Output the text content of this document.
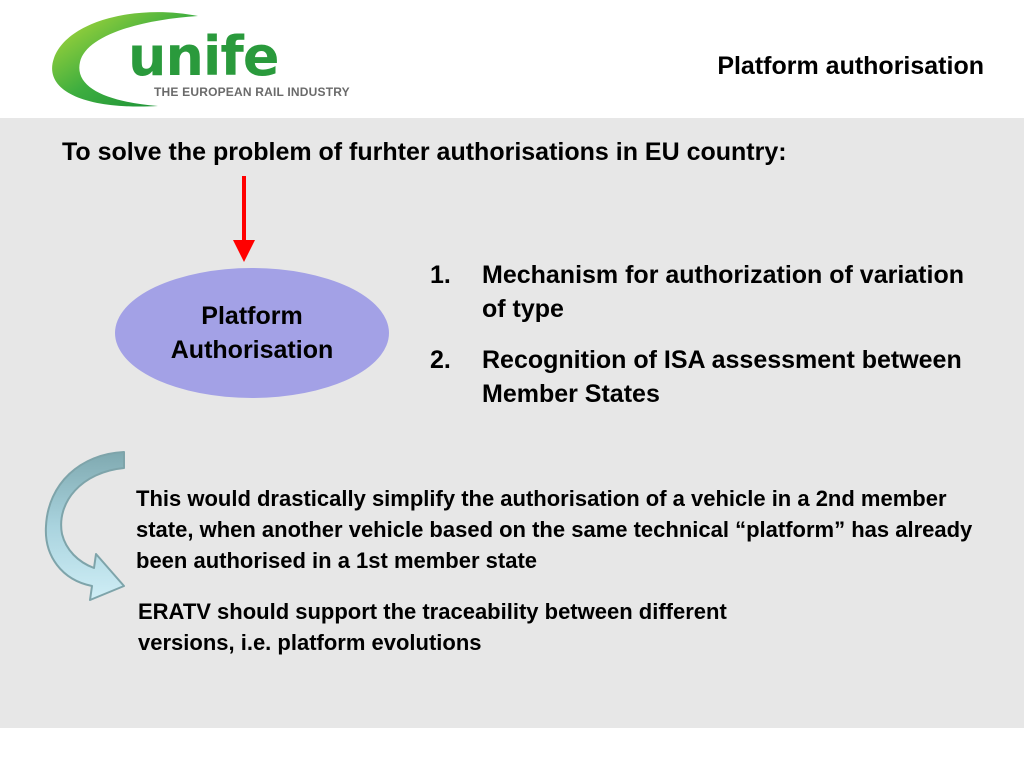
unife
THE EUROPEAN RAIL INDUSTRY
Platform authorisation
To solve the problem of furhter authorisations in EU country:
Platform
Authorisation
1. Mechanism for authorization of variation of type
2. Recognition of ISA assessment between Member States
This would drastically simplify the authorisation of a vehicle in a 2nd member state, when another vehicle based on the same technical “platform” has already been authorised in a 1st member state
ERATV should support the traceability between different versions, i.e. platform evolutions
